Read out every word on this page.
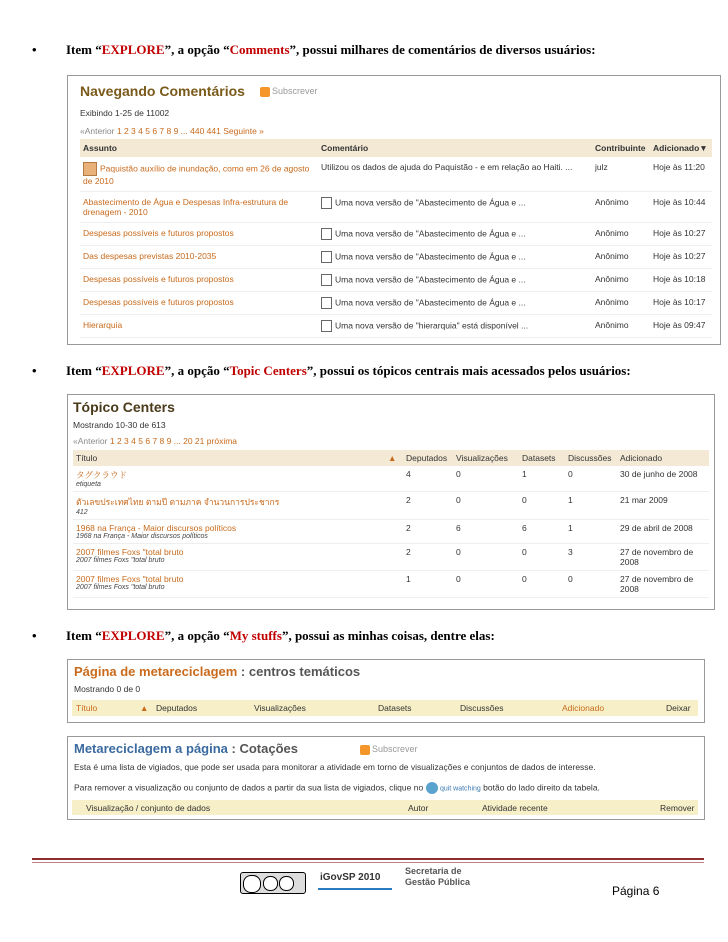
• Item “EXPLORE”, a opção “Comments”, possui milhares de comentários de diversos usuários:
Navegando Comentários	Subscrever
Exibindo 1-25 de 11002
«Anterior 1 2 3 4 5 6 7 8 9 ... 440 441 Seguinte »
Assunto	Comentário	Contribuinte	Adicionado▼
Paquistão auxílio de inundação, como em 26 de agosto de 2010	Utilizou os dados de ajuda do Paquistão - e em relação ao Haiti. ...	julz	Hoje às 11:20
Abastecimento de Água e Despesas Infra-estrutura de drenagem - 2010	Uma nova versão de "Abastecimento de Água e ...	Anônimo	Hoje às 10:44
Despesas possíveis e futuros propostos	Uma nova versão de "Abastecimento de Água e ...	Anônimo	Hoje às 10:27
Das despesas previstas 2010-2035	Uma nova versão de "Abastecimento de Água e ...	Anônimo	Hoje às 10:27
Despesas possíveis e futuros propostos	Uma nova versão de "Abastecimento de Água e ...	Anônimo	Hoje às 10:18
Despesas possíveis e futuros propostos	Uma nova versão de "Abastecimento de Água e ...	Anônimo	Hoje às 10:17
Hierarquia	Uma nova versão de "hierarquia" está disponível ...	Anônimo	Hoje às 09:47
• Item “EXPLORE”, a opção “Topic Centers”, possui os tópicos centrais mais acessados pelos usuários:
Tópico Centers
Mostrando 10-30 de 613
«Anterior 1 2 3 4 5 6 7 8 9 ... 20 21 próxima
Título	▲	Deputados	Visualizações	Datasets	Discussões	Adicionado
タグクラウド
etiqueta		4	0	1	0	30 de junho de 2008
ตัวเลขประเทศไทย ตามปี ตามภาค จำนวนการประชากร
412		2	0	0	1	21 mar 2009
1968 na França - Maior discursos políticos
1968 na França - Maior discursos políticos		2	6	6	1	29 de abril de 2008
2007 filmes Foxs "total bruto
2007 filmes Foxs "total bruto		2	0	0	3	27 de novembro de 2008
2007 filmes Foxs "total bruto
2007 filmes Foxs "total bruto		1	0	0	0	27 de novembro de 2008
• Item “EXPLORE”, a opção “My stuffs”, possui as minhas coisas, dentre elas:
Página de metareciclagem : centros temáticos
Mostrando 0 de 0
Título	▲ Deputados	Visualizações	Datasets	Discussões	Adicionado	Deixar
Metareciclagem a página : Cotações	Subscrever
Esta é uma lista de vigiados, que pode ser usada para monitorar a atividade em torno de visualizações e conjuntos de dados de interesse.
Para remover a visualização ou conjunto de dados a partir da sua lista de vigiados, clique no quit watching botão do lado direito da tabela.
Visualização / conjunto de dados	Autor	Atividade recente	Remover
iGovSP 2010
Secretaria de
Gestão Pública
Página 6
